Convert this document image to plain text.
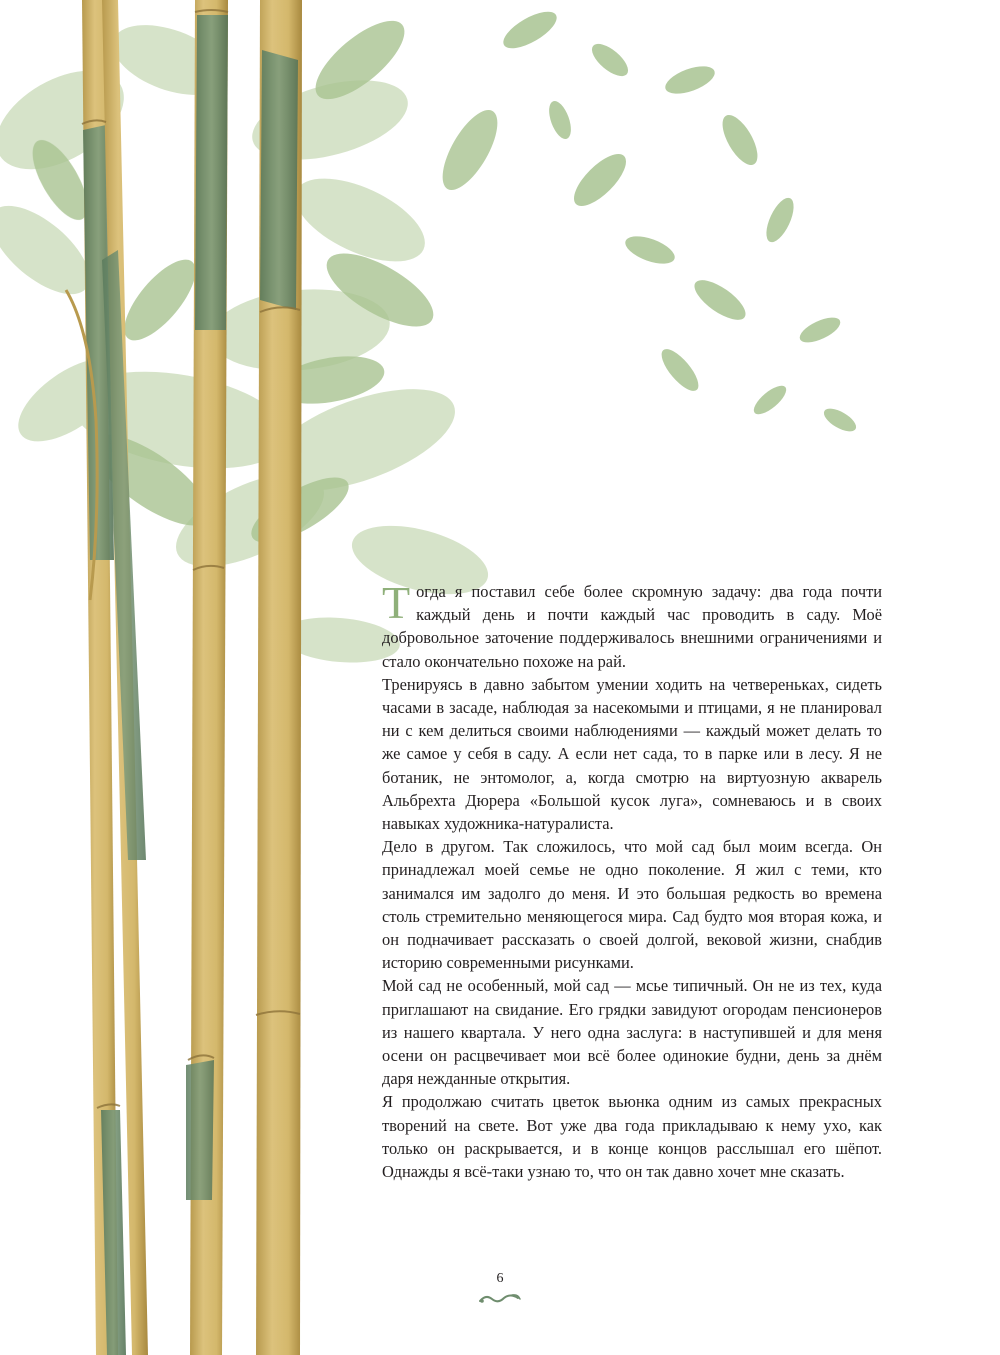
Тогда я поставил себе более скромную задачу: два года почти каждый день и почти каждый час проводить в саду. Моё добровольное заточение поддерживалось внешними ограничениями и стало окончательно похоже на рай.

Тренируясь в давно забытом умении ходить на четвереньках, сидеть часами в засаде, наблюдая за насекомыми и птицами, я не планировал ни с кем делиться своими наблюдениями — каждый может делать то же самое у себя в саду. А если нет сада, то в парке или в лесу. Я не ботаник, не энтомолог, а, когда смотрю на виртуозную акварель Альбрехта Дюрера «Большой кусок луга», сомневаюсь и в своих навыках художника-натуралиста.

Дело в другом. Так сложилось, что мой сад был моим всегда. Он принадлежал моей семье не одно поколение. Я жил с теми, кто занимался им задолго до меня. И это большая редкость во времена столь стремительно меняющегося мира. Сад будто моя вторая кожа, и он подначивает рассказать о своей долгой, вековой жизни, снабдив историю современными рисунками.

Мой сад не особенный, мой сад — мсье типичный. Он не из тех, куда приглашают на свидание. Его грядки завидуют огородам пенсионеров из нашего квартала. У него одна заслуга: в наступившей и для меня осени он расцвечивает мои всё более одинокие будни, день за днём даря нежданные открытия.

Я продолжаю считать цветок вьюнка одним из самых прекрасных творений на свете. Вот уже два года прикладываю к нему ухо, как только он раскрывается, и в конце концов расслышал его шёпот. Однажды я всё-таки узнаю то, что он так давно хочет мне сказать.

6
